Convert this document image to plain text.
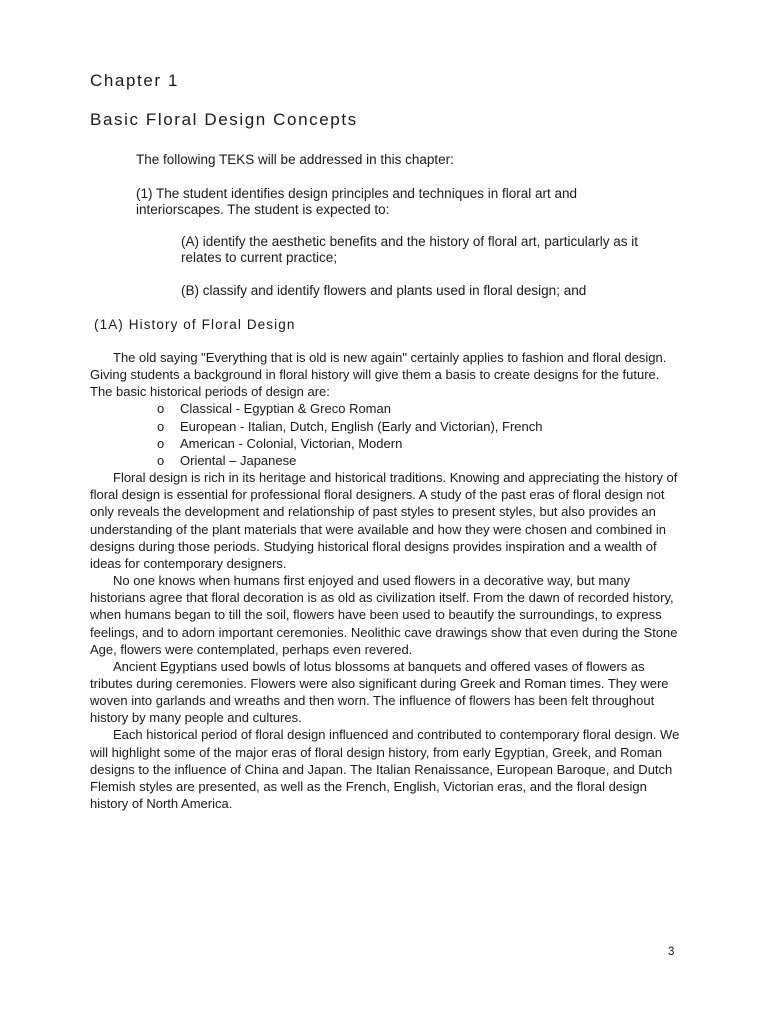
Chapter 1
Basic Floral Design Concepts
The following TEKS will be addressed in this chapter:
(1) The student identifies design principles and techniques in floral art and interiorscapes. The student is expected to:
(A) identify the aesthetic benefits and the history of floral art, particularly as it relates to current practice;
(B) classify and identify flowers and plants used in floral design; and
(1A) History of Floral Design

The old saying "Everything that is old is new again" certainly applies to fashion and floral design. Giving students a background in floral history will give them a basis to create designs for the future. The basic historical periods of design are:

o Classical - Egyptian & Greco Roman
o European - Italian, Dutch, English (Early and Victorian), French
o American - Colonial, Victorian, Modern
o Oriental – Japanese

Floral design is rich in its heritage and historical traditions. Knowing and appreciating the history of floral design is essential for professional floral designers. A study of the past eras of floral design not only reveals the development and relationship of past styles to present styles, but also provides an understanding of the plant materials that were available and how they were chosen and combined in designs during those periods. Studying historical floral designs provides inspiration and a wealth of ideas for contemporary designers.

No one knows when humans first enjoyed and used flowers in a decorative way, but many historians agree that floral decoration is as old as civilization itself. From the dawn of recorded history, when humans began to till the soil, flowers have been used to beautify the surroundings, to express feelings, and to adorn important ceremonies. Neolithic cave drawings show that even during the Stone Age, flowers were contemplated, perhaps even revered.

Ancient Egyptians used bowls of lotus blossoms at banquets and offered vases of flowers as tributes during ceremonies. Flowers were also significant during Greek and Roman times. They were woven into garlands and wreaths and then worn. The influence of flowers has been felt throughout history by many people and cultures.

Each historical period of floral design influenced and contributed to contemporary floral design. We will highlight some of the major eras of floral design history, from early Egyptian, Greek, and Roman designs to the influence of China and Japan. The Italian Renaissance, European Baroque, and Dutch Flemish styles are presented, as well as the French, English, Victorian eras, and the floral design history of North America.

3
